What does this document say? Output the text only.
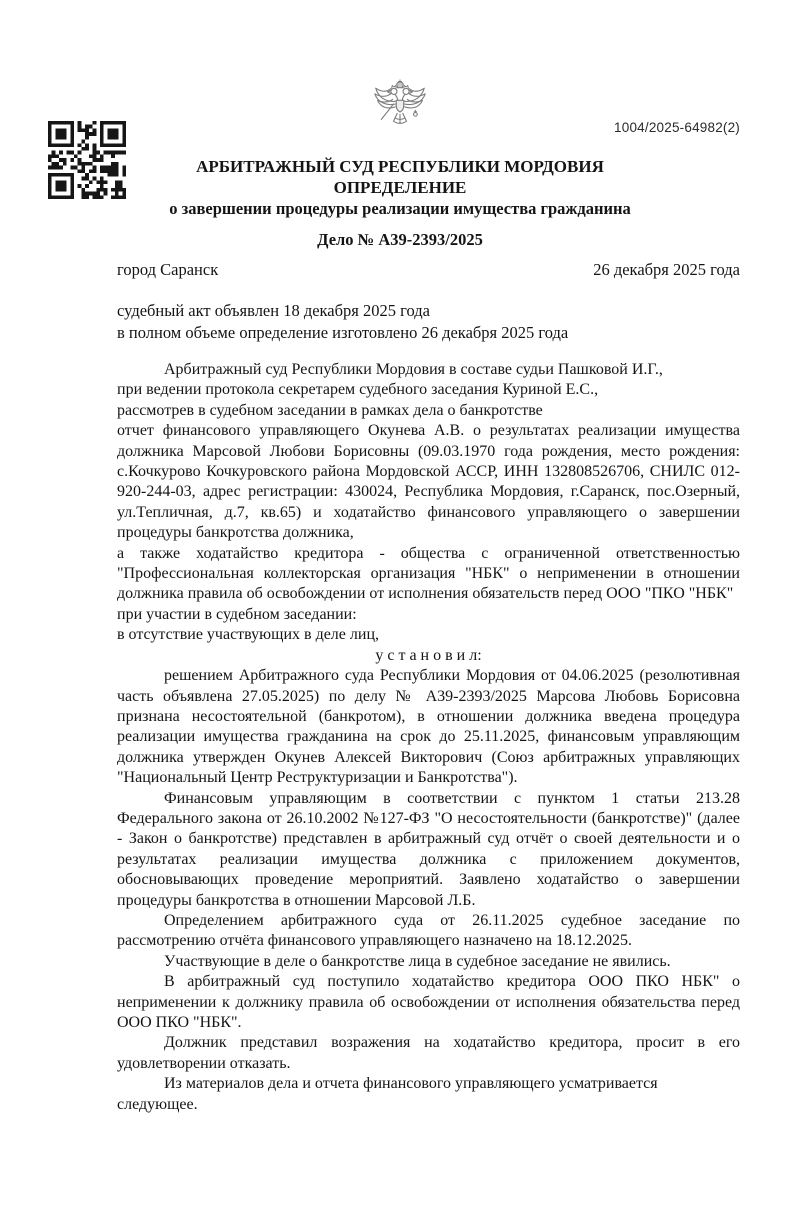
1004/2025-64982(2)
АРБИТРАЖНЫЙ СУД РЕСПУБЛИКИ МОРДОВИЯ
ОПРЕДЕЛЕНИЕ
о завершении процедуры реализации имущества гражданина
Дело № А39-2393/2025
город Саранск	26 декабря 2025 года
судебный акт объявлен 18 декабря 2025 года
в полном объеме определение изготовлено 26 декабря 2025 года

Арбитражный суд Республики Мордовия в составе судьи Пашковой И.Г.,

при ведении протокола секретарем судебного заседания Куриной Е.С.,

рассмотрев в судебном заседании в рамках дела о банкротстве

отчет финансового управляющего Окунева А.В. о результатах реализации имущества должника Марсовой Любови Борисовны (09.03.1970 года рождения, место рождения: с.Кочкурово Кочкуровского района Мордовской АССР, ИНН 132808526706, СНИЛС 012-920-244-03, адрес регистрации: 430024, Республика Мордовия, г.Саранск, пос.Озерный, ул.Тепличная, д.7, кв.65) и ходатайство финансового управляющего о завершении процедуры банкротства должника,

а также ходатайство кредитора - общества с ограниченной ответственностью "Профессиональная коллекторская организация "НБК" о неприменении в отношении должника правила об освобождении от исполнения обязательств перед ООО "ПКО "НБК"

при участии в судебном заседании:

в отсутствие участвующих в деле лиц,

у с т а н о в и л:

решением Арбитражного суда Республики Мордовия от 04.06.2025 (резолютивная часть объявлена 27.05.2025) по делу № А39-2393/2025 Марсова Любовь Борисовна признана несостоятельной (банкротом), в отношении должника введена процедура реализации имущества гражданина на срок до 25.11.2025, финансовым управляющим должника утвержден Окунев Алексей Викторович (Союз арбитражных управляющих "Национальный Центр Реструктуризации и Банкротства").

Финансовым управляющим в соответствии с пунктом 1 статьи 213.28 Федерального закона от 26.10.2002 №127-ФЗ "О несостоятельности (банкротстве)" (далее - Закон о банкротстве) представлен в арбитражный суд отчёт о своей деятельности и о результатах реализации имущества должника с приложением документов, обосновывающих проведение мероприятий. Заявлено ходатайство о завершении процедуры банкротства в отношении Марсовой Л.Б.

Определением арбитражного суда от 26.11.2025 судебное заседание по рассмотрению отчёта финансового управляющего назначено на 18.12.2025.

Участвующие в деле о банкротстве лица в судебное заседание не явились.

В арбитражный суд поступило ходатайство кредитора ООО ПКО НБК" о неприменении к должнику правила об освобождении от исполнения обязательства перед ООО ПКО "НБК".

Должник представил возражения на ходатайство кредитора, просит в его удовлетворении отказать.

Из материалов дела и отчета финансового управляющего усматривается следующее.
